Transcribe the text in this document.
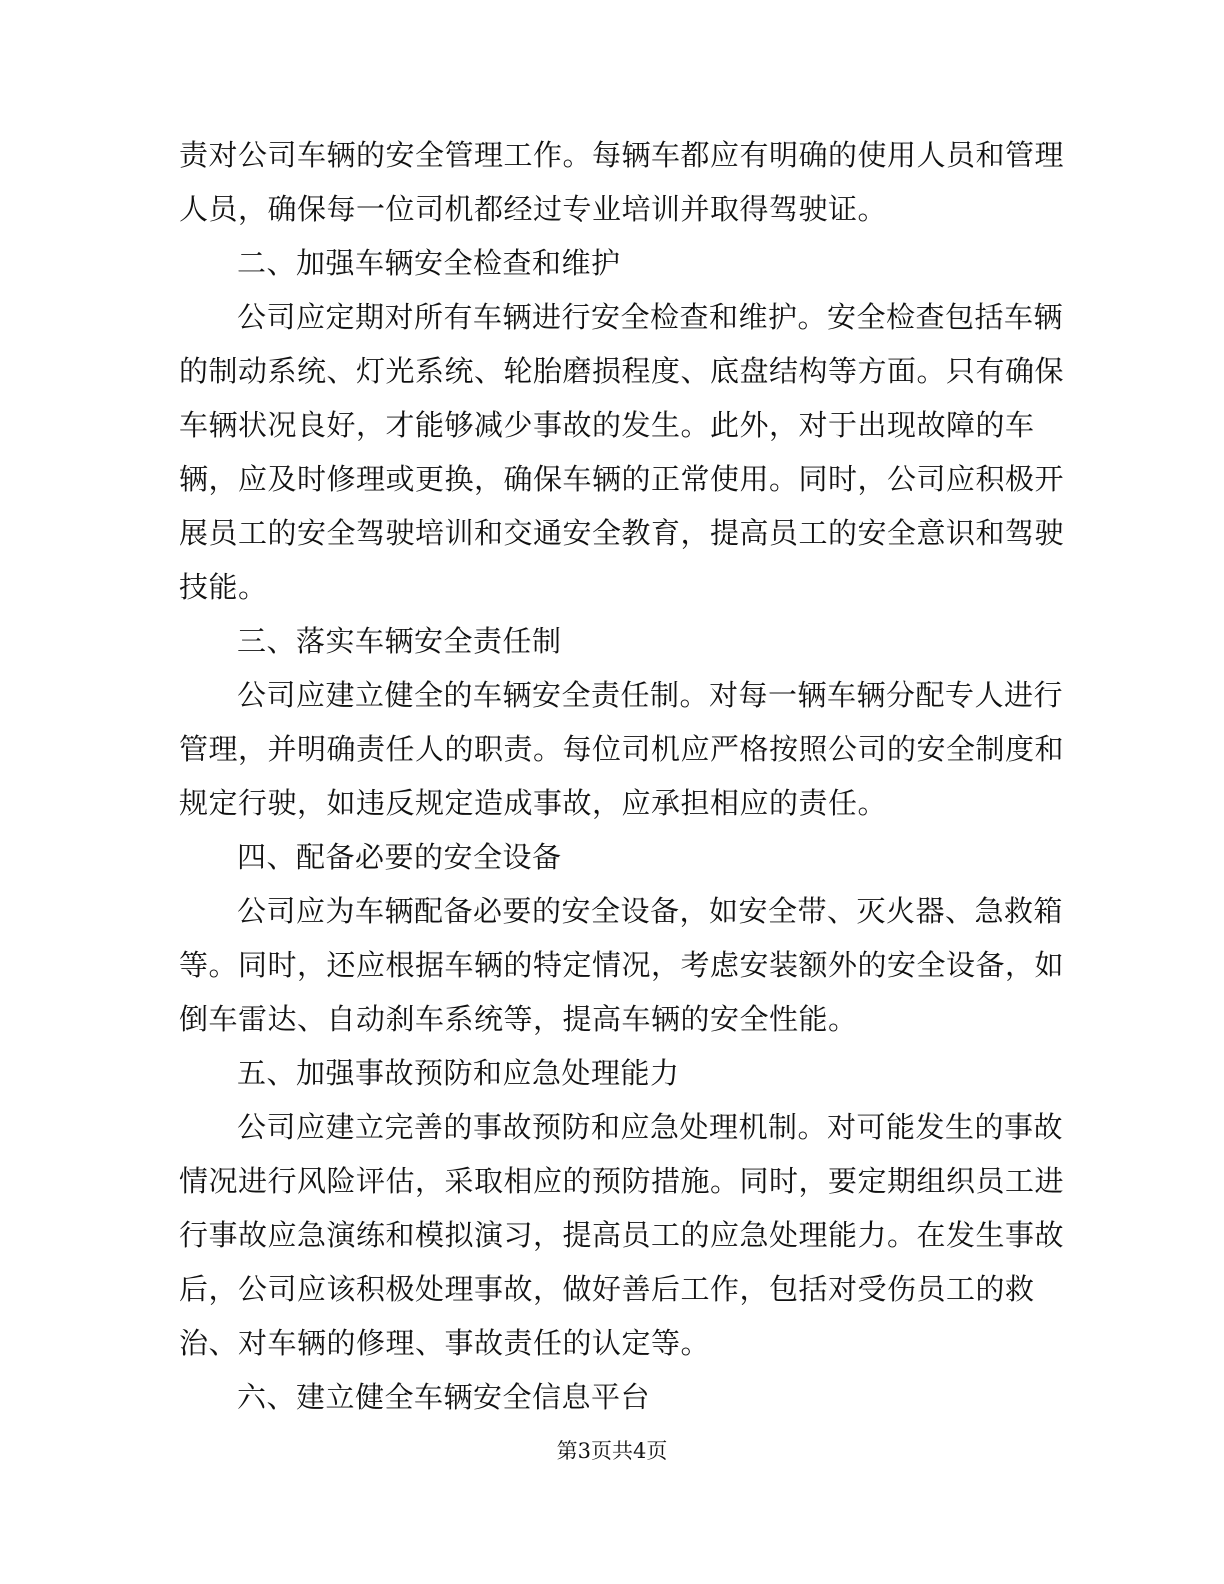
责对公司车辆的安全管理工作。每辆车都应有明确的使用人员和管理
人员，确保每一位司机都经过专业培训并取得驾驶证。
二、加强车辆安全检查和维护
公司应定期对所有车辆进行安全检查和维护。安全检查包括车辆
的制动系统、灯光系统、轮胎磨损程度、底盘结构等方面。只有确保
车辆状况良好，才能够减少事故的发生。此外，对于出现故障的车
辆，应及时修理或更换，确保车辆的正常使用。同时，公司应积极开
展员工的安全驾驶培训和交通安全教育，提高员工的安全意识和驾驶
技能。
三、落实车辆安全责任制
公司应建立健全的车辆安全责任制。对每一辆车辆分配专人进行
管理，并明确责任人的职责。每位司机应严格按照公司的安全制度和
规定行驶，如违反规定造成事故，应承担相应的责任。
四、配备必要的安全设备
公司应为车辆配备必要的安全设备，如安全带、灭火器、急救箱
等。同时，还应根据车辆的特定情况，考虑安装额外的安全设备，如
倒车雷达、自动刹车系统等，提高车辆的安全性能。
五、加强事故预防和应急处理能力
公司应建立完善的事故预防和应急处理机制。对可能发生的事故
情况进行风险评估，采取相应的预防措施。同时，要定期组织员工进
行事故应急演练和模拟演习，提高员工的应急处理能力。在发生事故
后，公司应该积极处理事故，做好善后工作，包括对受伤员工的救
治、对车辆的修理、事故责任的认定等。
六、建立健全车辆安全信息平台
第3页共4页
